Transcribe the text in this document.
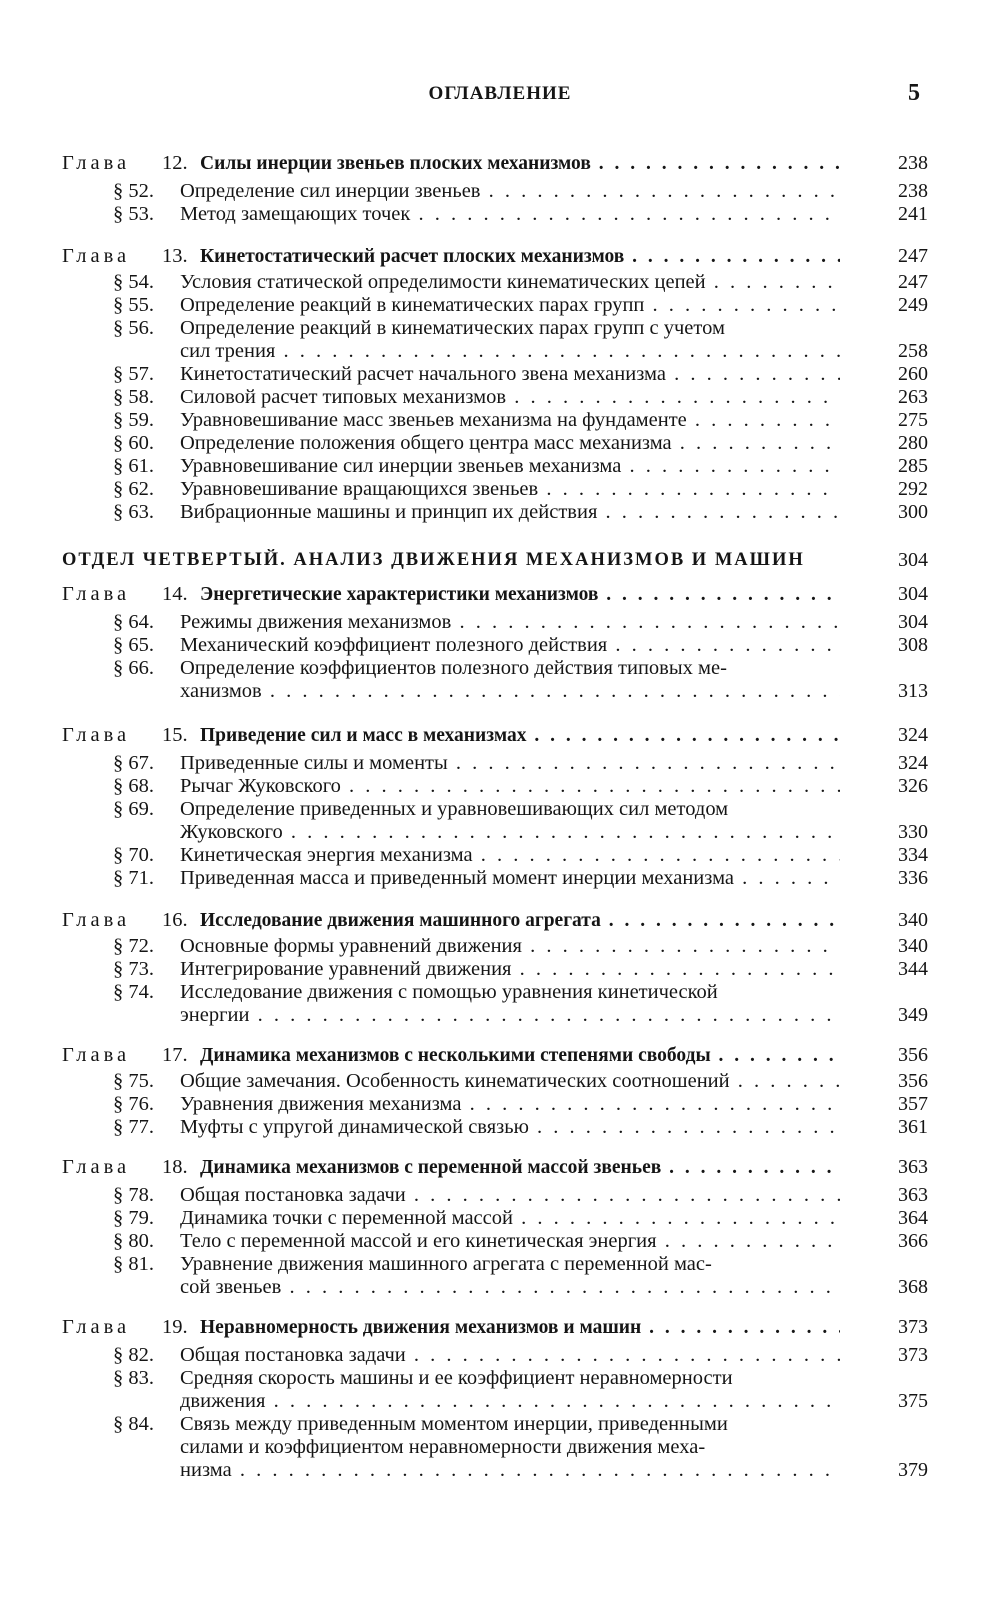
ОГЛАВЛЕНИЕ	5
Глава 12. Силы инерции звеньев плоских механизмов . . .	238
§ 52. Определение сил инерции звеньев . . .	238
§ 53. Метод замещающих точек . . .	241
Глава 13. Кинетостатический расчет плоских механизмов . . .	247
§ 54. Условия статической определимости кинематических цепей . . .	247
§ 55. Определение реакций в кинематических парах групп . . .	249
§ 56. Определение реакций в кинематических парах групп с учетом
сил трения . . .	258
§ 57. Кинетостатический расчет начального звена механизма . . .	260
§ 58. Силовой расчет типовых механизмов . . .	263
§ 59. Уравновешивание масс звеньев механизма на фундаменте . . .	275
§ 60. Определение положения общего центра масс механизма . . .	280
§ 61. Уравновешивание сил инерции звеньев механизма . . .	285
§ 62. Уравновешивание вращающихся звеньев . . .	292
§ 63. Вибрационные машины и принцип их действия . . .	300
ОТДЕЛ ЧЕТВЕРТЫЙ. АНАЛИЗ ДВИЖЕНИЯ МЕХАНИЗМОВ И МАШИН	304
Глава 14. Энергетические характеристики механизмов . . .	304
§ 64. Режимы движения механизмов . . .	304
§ 65. Механический коэффициент полезного действия . . .	308
§ 66. Определение коэффициентов полезного действия типовых ме-
ханизмов . . .	313
Глава 15. Приведение сил и масс в механизмах . . .	324
§ 67. Приведенные силы и моменты . . .	324
§ 68. Рычаг Жуковского . . .	326
§ 69. Определение приведенных и уравновешивающих сил методом
Жуковского . . .	330
§ 70. Кинетическая энергия механизма . . .	334
§ 71. Приведенная масса и приведенный момент инерции механизма . . .	336
Глава 16. Исследование движения машинного агрегата . . .	340
§ 72. Основные формы уравнений движения . . .	340
§ 73. Интегрирование уравнений движения . . .	344
§ 74. Исследование движения с помощью уравнения кинетической
энергии . . .	349
Глава 17. Динамика механизмов с несколькими степенями свободы . . .	356
§ 75. Общие замечания. Особенность кинематических соотношений . . .	356
§ 76. Уравнения движения механизма . . .	357
§ 77. Муфты с упругой динамической связью . . .	361
Глава 18. Динамика механизмов с переменной массой звеньев . . .	363
§ 78. Общая постановка задачи . . .	363
§ 79. Динамика точки с переменной массой . . .	364
§ 80. Тело с переменной массой и его кинетическая энергия . . .	366
§ 81. Уравнение движения машинного агрегата с переменной мас-
сой звеньев . . .	368
Глава 19. Неравномерность движения механизмов и машин . . .	373
§ 82. Общая постановка задачи . . .	373
§ 83. Средняя скорость машины и ее коэффициент неравномерности
движения . . .	375
§ 84. Связь между приведенным моментом инерции, приведенными
силами и коэффициентом неравномерности движения меха-
низма . . .	379
